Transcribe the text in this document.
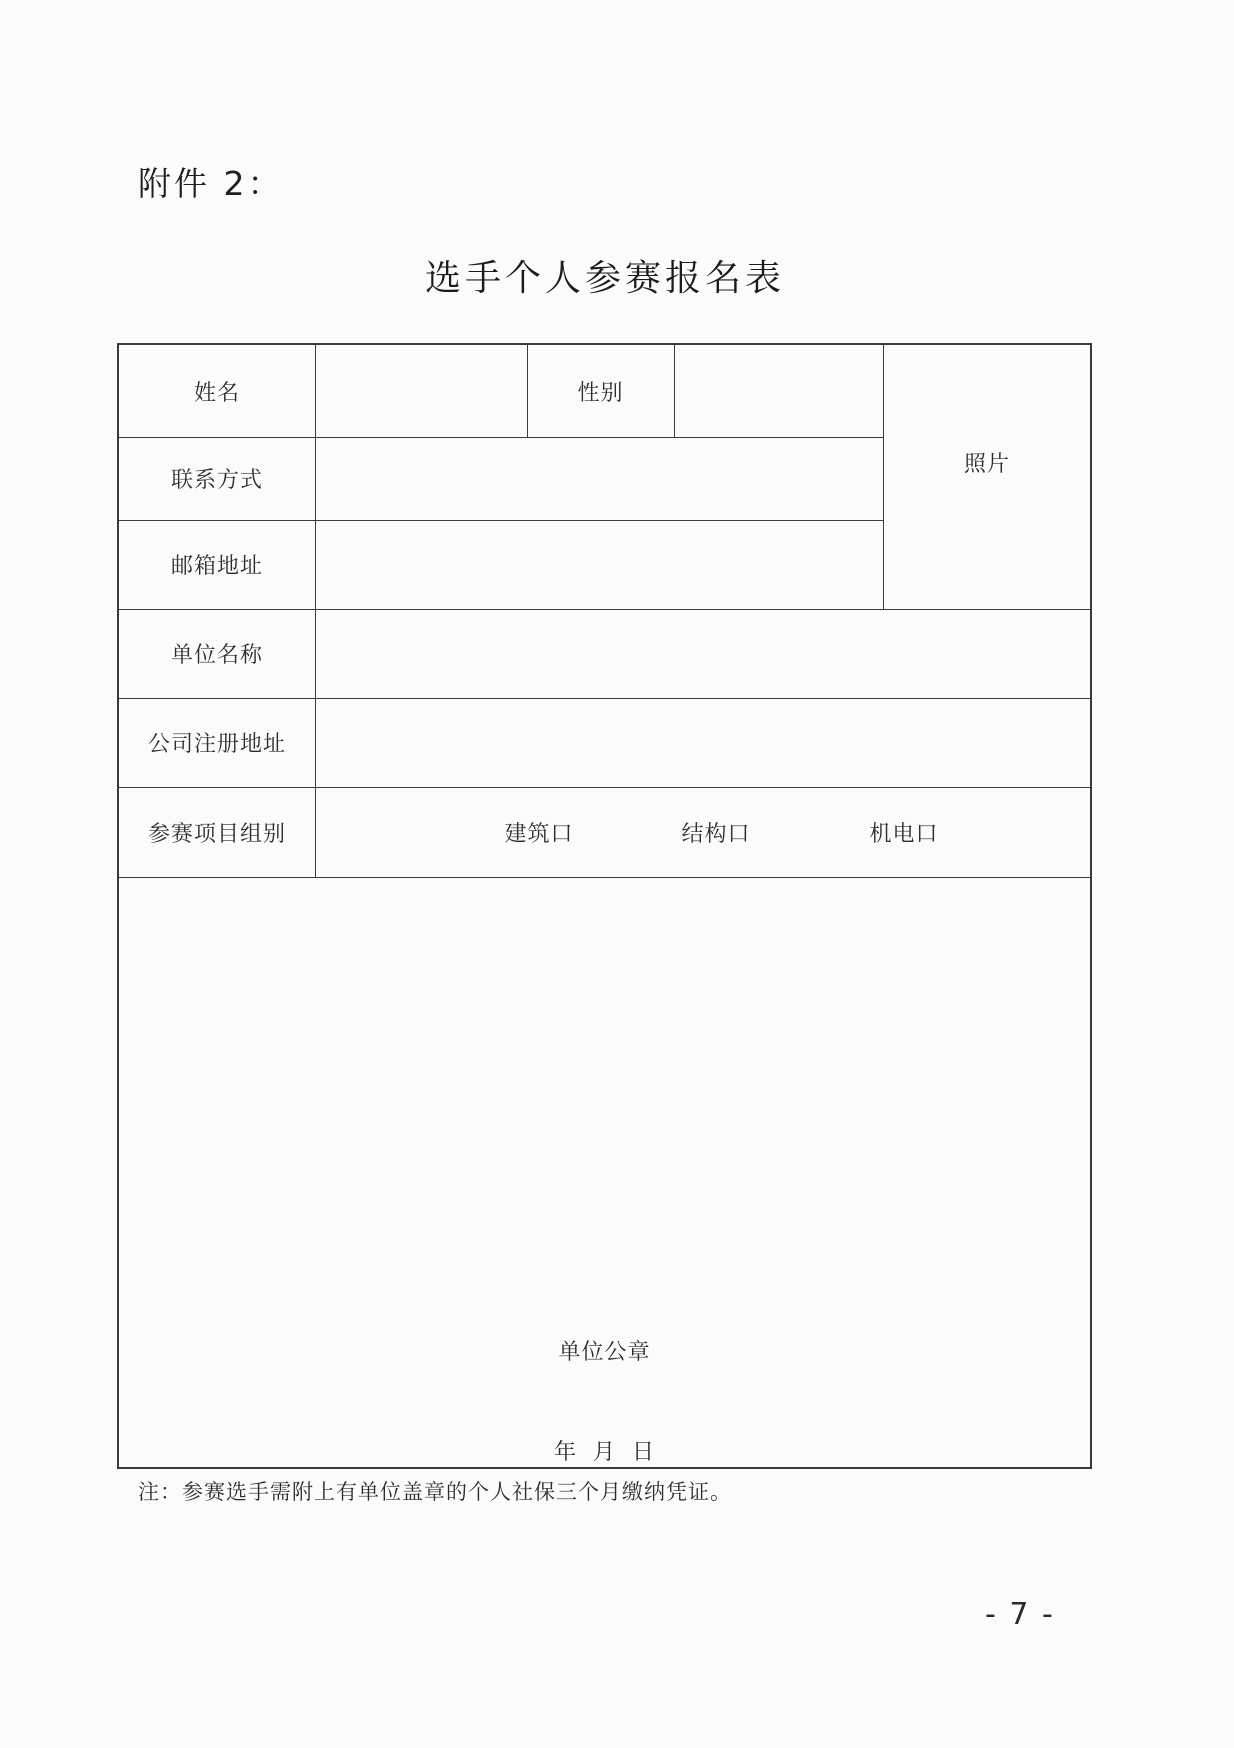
附件 2：
选手个人参赛报名表
姓名	性别
照片
联系方式
邮箱地址
单位名称
公司注册地址
参赛项目组别	建筑口	结构口	机电口
单位公章
年  月  日
注：参赛选手需附上有单位盖章的个人社保三个月缴纳凭证。
- 7 -
